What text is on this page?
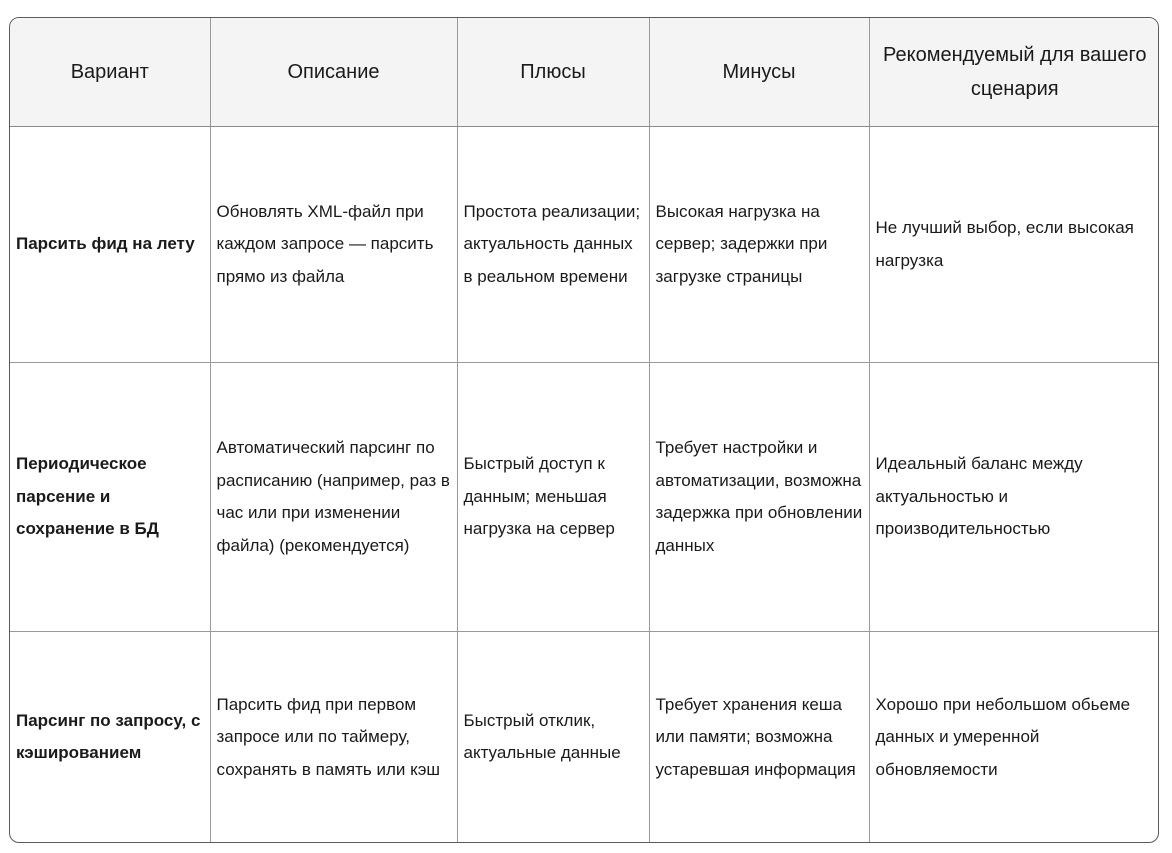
Вариант	Описание	Плюсы	Минусы	Рекомендуемый для вашего сценария
Парсить фид на лету	Обновлять XML-файл при каждом запросе — парсить прямо из файла	Простота реализации; актуальность данных в реальном времени	Высокая нагрузка на сервер; задержки при загрузке страницы	Не лучший выбор, если высокая нагрузка
Периодическое парсение и сохранение в БД	Автоматический парсинг по расписанию (например, раз в час или при изменении файла) (рекомендуется)	Быстрый доступ к данным; меньшая нагрузка на сервер	Требует настройки и автоматизации, возможна задержка при обновлении данных	Идеальный баланс между актуальностью и производительностью
Парсинг по запросу, с кэшированием	Парсить фид при первом запросе или по таймеру, сохранять в память или кэш	Быстрый отклик, актуальные данные	Требует хранения кеша или памяти; возможна устаревшая информация	Хорошо при небольшом обьеме данных и умеренной обновляемости
